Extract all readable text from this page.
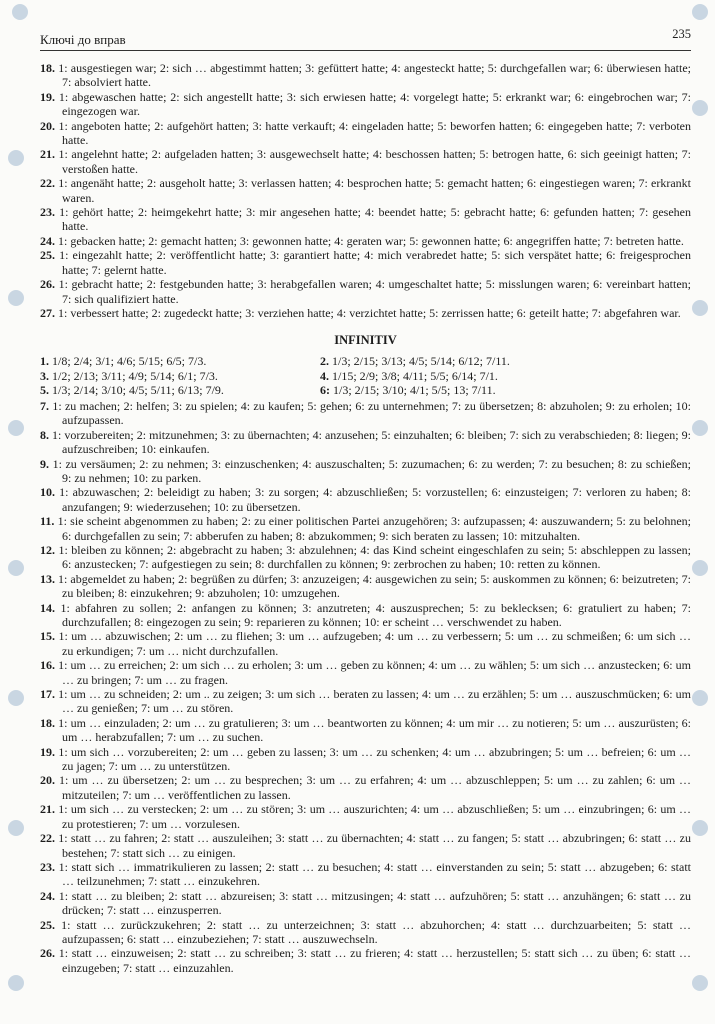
Ключі до вправ	235

18. 1: ausgestiegen war; 2: sich … abgestimmt hatten; 3: gefüttert hatte; 4: angesteckt hatte; 5: durchgefallen war; 6: überwiesen hatte; 7: absolviert hatte.

19. 1: abgewaschen hatte; 2: sich angestellt hatte; 3: sich erwiesen hatte; 4: vorgelegt hatte; 5: erkrankt war; 6: eingebrochen war; 7: eingezogen war.

20. 1: angeboten hatte; 2: aufgehört hatten; 3: hatte verkauft; 4: eingeladen hatte; 5: beworfen hatten; 6: eingegeben hatte; 7: verboten hatte.

21. 1: angelehnt hatte; 2: aufgeladen hatten; 3: ausgewechselt hatte; 4: beschossen hatten; 5: betrogen hatte, 6: sich geeinigt hatten; 7: verstoßen hatte.

22. 1: angenäht hatte; 2: ausgeholt hatte; 3: verlassen hatten; 4: besprochen hatte; 5: gemacht hatten; 6: eingestiegen waren; 7: erkrankt waren.

23. 1: gehört hatte; 2: heimgekehrt hatte; 3: mir angesehen hatte; 4: beendet hatte; 5: gebracht hatte; 6: gefunden hatten; 7: gesehen hatte.

24. 1: gebacken hatte; 2: gemacht hatten; 3: gewonnen hatte; 4: geraten war; 5: gewonnen hatte; 6: angegriffen hatte; 7: betreten hatte.

25. 1: eingezahlt hatte; 2: veröffentlicht hatte; 3: garantiert hatte; 4: mich verabredet hatte; 5: sich verspätet hatte; 6: freigesprochen hatte; 7: gelernt hatte.

26. 1: gebracht hatte; 2: festgebunden hatte; 3: herabgefallen waren; 4: umgeschaltet hatte; 5: misslungen waren; 6: vereinbart hatten; 7: sich qualifiziert hatte.

27. 1: verbessert hatte; 2: zugedeckt hatte; 3: verziehen hatte; 4: verzichtet hatte; 5: zerrissen hatte; 6: geteilt hatte; 7: abgefahren war.

INFINITIV
1. 1/8; 2/4; 3/1; 4/6; 5/15; 6/5; 7/3.	2. 1/3; 2/15; 3/13; 4/5; 5/14; 6/12; 7/11.
3. 1/2; 2/13; 3/11; 4/9; 5/14; 6/1; 7/3.	4. 1/15; 2/9; 3/8; 4/11; 5/5; 6/14; 7/1.
5. 1/3; 2/14; 3/10; 4/5; 5/11; 6/13; 7/9.	6: 1/3; 2/15; 3/10; 4/1; 5/5; 13; 7/11.

7. 1: zu machen; 2: helfen; 3: zu spielen; 4: zu kaufen; 5: gehen; 6: zu unternehmen; 7: zu übersetzen; 8: abzuholen; 9: zu erholen; 10: aufzupassen.

8. 1: vorzubereiten; 2: mitzunehmen; 3: zu übernachten; 4: anzusehen; 5: einzuhalten; 6: bleiben; 7: sich zu verabschieden; 8: liegen; 9: aufzuschreiben; 10: einkaufen.

9. 1: zu versäumen; 2: zu nehmen; 3: einzuschenken; 4: auszuschalten; 5: zuzumachen; 6: zu werden; 7: zu besuchen; 8: zu schießen; 9: zu nehmen; 10: zu parken.

10. 1: abzuwaschen; 2: beleidigt zu haben; 3: zu sorgen; 4: abzuschließen; 5: vorzustellen; 6: einzusteigen; 7: verloren zu haben; 8: anzufangen; 9: wiederzusehen; 10: zu übersetzen.

11. 1: sie scheint abgenommen zu haben; 2: zu einer politischen Partei anzugehören; 3: aufzupassen; 4: auszuwandern; 5: zu belohnen; 6: durchgefallen zu sein; 7: abberufen zu haben; 8: abzukommen; 9: sich beraten zu lassen; 10: mitzuhalten.

12. 1: bleiben zu können; 2: abgebracht zu haben; 3: abzulehnen; 4: das Kind scheint eingeschlafen zu sein; 5: abschleppen zu lassen; 6: anzustecken; 7: aufgestiegen zu sein; 8: durchfallen zu können; 9: zerbrochen zu haben; 10: retten zu können.

13. 1: abgemeldet zu haben; 2: begrüßen zu dürfen; 3: anzuzeigen; 4: ausgewichen zu sein; 5: auskommen zu können; 6: beizutreten; 7: zu bleiben; 8: einzukehren; 9: abzuholen; 10: umzugehen.

14. 1: abfahren zu sollen; 2: anfangen zu können; 3: anzutreten; 4: auszusprechen; 5: zu beklecksen; 6: gratuliert zu haben; 7: durchzufallen; 8: eingezogen zu sein; 9: reparieren zu können; 10: er scheint … verschwendet zu haben.

15. 1: um … abzuwischen; 2: um … zu fliehen; 3: um … aufzugeben; 4: um … zu verbessern; 5: um … zu schmeißen; 6: um sich … zu erkundigen; 7: um … nicht durchzufallen.

16. 1: um … zu erreichen; 2: um sich … zu erholen; 3: um … geben zu können; 4: um … zu wählen; 5: um sich … anzustecken; 6: um … zu bringen; 7: um … zu fragen.

17. 1: um … zu schneiden; 2: um .. zu zeigen; 3: um sich … beraten zu lassen; 4: um … zu erzählen; 5: um … auszuschmücken; 6: um … zu genießen; 7: um … zu stören.

18. 1: um … einzuladen; 2: um … zu gratulieren; 3: um … beantworten zu können; 4: um mir … zu notieren; 5: um … auszurüsten; 6: um … herabzufallen; 7: um … zu suchen.

19. 1: um sich … vorzubereiten; 2: um … geben zu lassen; 3: um … zu schenken; 4: um … abzubringen; 5: um … befreien; 6: um … zu jagen; 7: um … zu unterstützen.

20. 1: um … zu übersetzen; 2: um … zu besprechen; 3: um … zu erfahren; 4: um … abzuschleppen; 5: um … zu zahlen; 6: um … mitzuteilen; 7: um … veröffentlichen zu lassen.

21. 1: um sich … zu verstecken; 2: um … zu stören; 3: um … auszurichten; 4: um … abzuschließen; 5: um … einzubringen; 6: um … zu protestieren; 7: um … vorzulesen.

22. 1: statt … zu fahren; 2: statt … auszuleihen; 3: statt … zu übernachten; 4: statt … zu fangen; 5: statt … abzubringen; 6: statt … zu bestehen; 7: statt sich … zu einigen.

23. 1: statt sich … immatrikulieren zu lassen; 2: statt … zu besuchen; 4: statt … einverstanden zu sein; 5: statt … abzugeben; 6: statt … teilzunehmen; 7: statt … einzukehren.

24. 1: statt … zu bleiben; 2: statt … abzureisen; 3: statt … mitzusingen; 4: statt … aufzuhören; 5: statt … anzuhängen; 6: statt … zu drücken; 7: statt … einzusperren.

25. 1: statt … zurückzukehren; 2: statt … zu unterzeichnen; 3: statt … abzuhorchen; 4: statt … durchzuarbeiten; 5: statt … aufzupassen; 6: statt … einzubeziehen; 7: statt … auszuwechseln.

26. 1: statt … einzuweisen; 2: statt … zu schreiben; 3: statt … zu frieren; 4: statt … herzustellen; 5: statt sich … zu üben; 6: statt … einzugeben; 7: statt … einzuzahlen.
